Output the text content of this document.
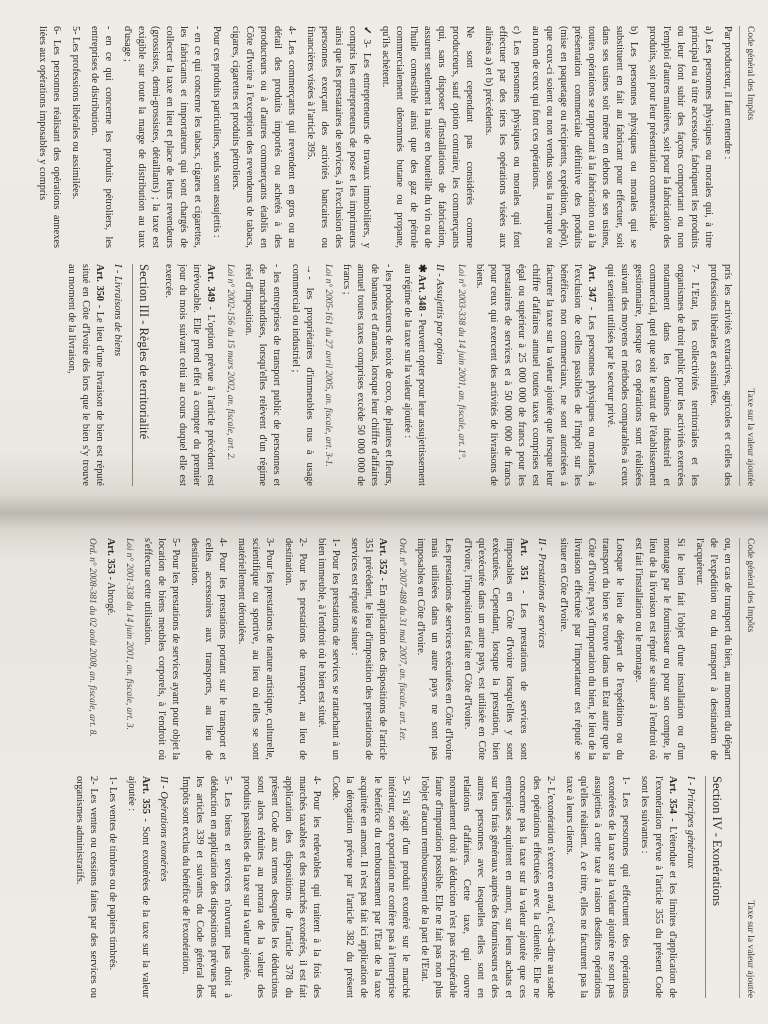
Code général des Impôts
Taxe sur la valeur ajoutée

Par producteur, il faut entendre :

a) Les personnes physiques ou morales qui, à titre principal ou à titre accessoire, fabriquent les produits ou leur font subir des façons comportant ou non l'emploi d'autres matières, soit pour la fabrication des produits, soit pour leur présentation commerciale.

b) Les personnes physiques ou morales qui se substituent en fait au fabricant pour effectuer, soit dans ses usines soit même en dehors de ses usines, toutes opérations se rapportant à la fabrication ou à la présentation commerciale définitive des produits (mise en paquetage ou récipients, expédition, dépôt), que ceux-ci soient ou non vendus sous la marque ou au nom de ceux qui font ces opérations.

c) Les personnes physiques ou morales qui font effectuer par des tiers les opérations visées aux alinéas a) et b) précédents.

Ne sont cependant pas considérés comme producteurs, sauf option contraire, les commerçants qui, sans disposer d'installations de fabrication, assurent seulement la mise en bouteille du vin ou de l'huile comestible ainsi que des gaz de pétrole commercialement dénommés butane ou propane, qu'ils achètent.

✓3- Les entrepreneurs de travaux immobiliers, y compris les entrepreneurs de pose et les imprimeurs ainsi que les prestataires de services, à l'exclusion des personnes exerçant des activités bancaires ou financières visées à l'article 395.

4- Les commerçants qui revendent en gros ou au détail des produits importés ou achetés à des producteurs ou à d'autres commerçants établis en Côte d'Ivoire à l'exception des revendeurs de tabacs, cigares, cigarettes et produits pétroliers.

Pour ces produits particuliers, seuls sont assujettis :

- en ce qui concerne les tabacs, cigares et cigarettes, les fabricants et importateurs qui sont chargés de collecter la taxe en lieu et place de leurs revendeurs (grossistes, demi-grossistes, détaillants) ; la taxe est exigible sur toute la marge de distribution au taux d'usage ;

- en ce qui concerne les produits pétroliers, les entreprises de distribution.

5- Les professions libérales ou assimilées.

6- Les personnes réalisant des opérations annexes liées aux opérations imposables y compris

pris les activités extractives, agricoles et celles des professions libérales et assimilées.

7- L'Etat, les collectivités territoriales et les organismes de droit public pour les activités exercées notamment dans les domaines industriel et commercial, quel que soit le statut de l'établissement gestionnaire, lorsque ces opérations sont réalisées suivant des moyens et méthodes comparables à ceux qui seraient utilisés par le secteur privé.

Art. 347 - Les personnes physiques ou morales, à l'exclusion de celles passibles de l'impôt sur les bénéfices non commerciaux, ne sont autorisées à facturer la taxe sur la valeur ajoutée que lorsque leur chiffre d'affaires annuel toutes taxes comprises est égal ou supérieur à 25 000 000 de francs pour les prestataires de services et à 50 000 000 de francs pour ceux qui exercent des activités de livraisons de biens.

Loi n° 2003-338 du 14 juin 2001, an. fiscale, art. 1°.

II - Assujettis par option

✱Art. 348 - Peuvent opter pour leur assujettissement au régime de la taxe sur la valeur ajoutée :

- les producteurs de noix de coco, de plantes et fleurs, de bananes et d'ananas, lorsque leur chiffre d'affaires annuel toutes taxes comprises excède 50 000 000 de francs ;

Loi n° 2005-161 du 27 avril 2005, an. fiscale, art. 3-1.

→- les propriétaires d'immeubles nus à usage commercial ou industriel ;

- les entreprises de transport public de personnes et de marchandises, lorsqu'elles relèvent d'un régime réel d'imposition.

Loi n° 2002-156 du 15 mars 2002, an. fiscale, art. 2.

Art. 349 - L'option prévue à l'article précédent est irrévocable. Elle prend effet à compter du premier jour du mois suivant celui au cours duquel elle est exercée.

Section III - Règles de territorialité
I - Livraisons de biens

Art. 350 - Le lieu d'une livraison de bien est réputé situé en Côte d'Ivoire dès lors que le bien s'y trouve au moment de la livraison,

Code général des Impôts
Taxe sur la valeur ajoutée

ou, en cas de transport du bien, au moment du départ de l'expédition ou du transport à destination de l'acquéreur.

Si le bien fait l'objet d'une installation ou d'un montage par le fournisseur ou pour son compte, le lieu de la livraison est réputé se situer à l'endroit où est fait l'installation ou le montage.

Lorsque le lieu de départ de l'expédition ou du transport du bien se trouve dans un Etat autre que la Côte d'Ivoire, pays d'importation du bien, le lieu de la livraison effectuée par l'importateur est réputé se situer en Côte d'Ivoire.

II - Prestations de services

Art. 351 - Les prestations de services sont imposables en Côte d'Ivoire lorsqu'elles y sont exécutées. Cependant, lorsque la prestation, bien qu'exécutée dans un autre pays, est utilisée en Côte d'Ivoire, l'imposition est faite en Côte d'Ivoire.

Les prestations de services exécutées en Côte d'Ivoire mais utilisées dans un autre pays ne sont pas imposables en Côte d'Ivoire.

Ord. n° 2007-488 du 31 mai 2007, an. fiscale, art. 1er.

Art. 352 - En application des dispositions de l'article 351 précédent, le lieu d'imposition des prestations de services est réputé se situer :

1- Pour les prestations de services se rattachant à un bien immeuble, à l'endroit où le bien est situé.

2- Pour les prestations de transport, au lieu de destination.

3- Pour les prestations de nature artistique, culturelle, scientifique ou sportive, au lieu où elles se sont matériellement déroulées.

4- Pour les prestations portant sur le transport et celles accessoires aux transports, au lieu de destination.

5- Pour les prestations de services ayant pour objet la location de biens meubles corporels, à l'endroit où s'effectue cette utilisation.

Loi n° 2001-338 du 14 juin 2001, an. fiscale, art. 3.

Art. 353 - Abrogé.

Ord. n° 2008-381 du 02 août 2008, an. fiscale, art. 8.

Section IV - Exonérations
I - Principes généraux

Art. 354 - L'étendue et les limites d'application de l'exonération prévue à l'article 355 du présent Code sont les suivantes :

1- Les personnes qui effectuent des opérations exonérées de la taxe sur la valeur ajoutée ne sont pas assujetties à cette taxe à raison desdites opérations qu'elles réalisent. A ce titre, elles ne facturent pas la taxe à leurs clients.

2- L'exonération s'exerce en aval, c'est-à-dire au stade des opérations effectuées avec la clientèle. Elle ne concerne pas la taxe sur la valeur ajoutée que ces entreprises acquittent en amont, sur leurs achats et sur leurs frais généraux auprès des fournisseurs et des autres personnes avec lesquelles elles sont en relations d'affaires. Cette taxe, qui ouvre normalement droit à déduction n'est pas récupérable faute d'imputation possible. Elle ne fait pas non plus l'objet d'aucun remboursement de la part de l'Etat.

3- S'il s'agit d'un produit exonéré sur le marché intérieur, son exportation ne confère pas à l'entreprise le bénéfice du remboursement par l'Etat de la taxe acquittée en amont. Il n'est pas fait ici application de la dérogation prévue par l'article 382 du présent Code.

4- Pour les redevables qui traitent à la fois des marchés taxables et des marchés exonérés, il est fait application des dispositions de l'article 378 du présent Code aux termes desquelles les déductions sont alors réduites au prorata de la valeur des produits passibles de la taxe sur la valeur ajoutée.

5- Les biens et services n'ouvrant pas droit à déduction en application des dispositions prévues par les articles 339 et suivants du Code général des Impôts sont exclus du bénéfice de l'exonération.

II - Opérations exonérées

Art. 355 - Sont exonérées de la taxe sur la valeur ajoutée :

1- Les ventes de timbres ou de papiers timbrés.

2- Les ventes ou cessions faites par des services ou organismes administratifs.
